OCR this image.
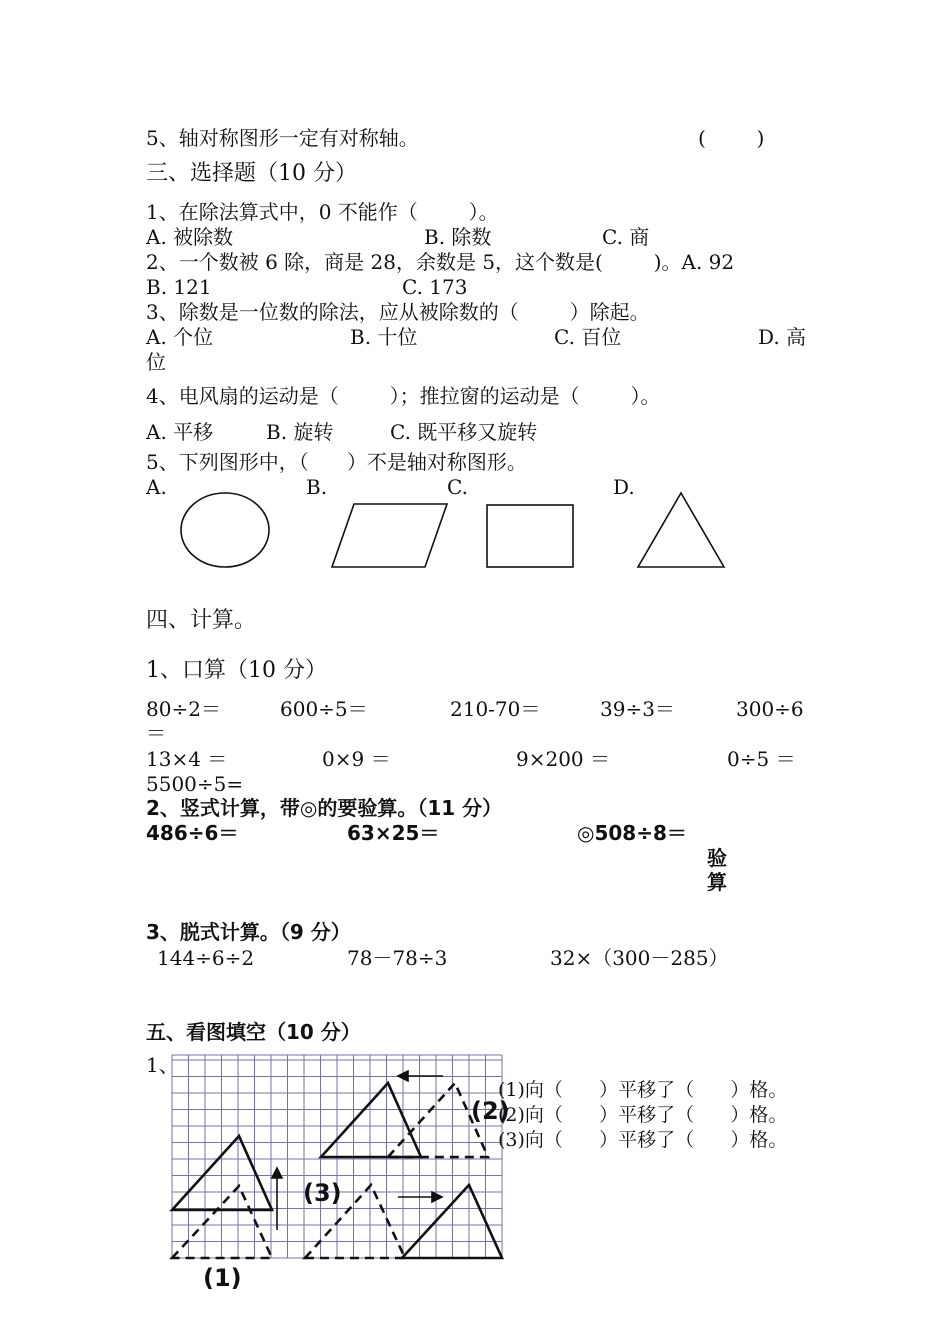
5、轴对称图形一定有对称轴。	(        )
三、选择题（10 分）
1、在除法算式中，0 不能作（        ）。
A. 被除数	B. 除数	C. 商
2、一个数被 6 除，商是 28，余数是 5，这个数是(        )。A. 92
B. 121	C. 173
3、除数是一位数的除法，应从被除数的（        ）除起。
A. 个位	B. 十位	C. 百位	D. 高
位
4、电风扇的运动是（        ）；推拉窗的运动是（        ）。
A. 平移	B. 旋转	C. 既平移又旋转
5、下列图形中，（      ）不是轴对称图形。
A.	B.	C.	D.
四、计算。
1、口算（10 分）
80÷2＝	600÷5＝	210-70＝	39÷3＝	300÷6
＝
13×4 ＝	0×9 ＝	9×200 ＝	0÷5 ＝
5500÷5=
2、竖式计算，带◎的要验算。（11 分）
486÷6＝	63×25＝	◎508÷8＝
验
算
3、脱式计算。（9 分）
144÷6÷2	78－78÷3	32×（300－285）
五、看图填空（10 分）
1、
(1)
(2)
(3)
(1)向（      ）平移了（      ）格。
(2)向（      ）平移了（      ）格。
(3)向（      ）平移了（      ）格。
